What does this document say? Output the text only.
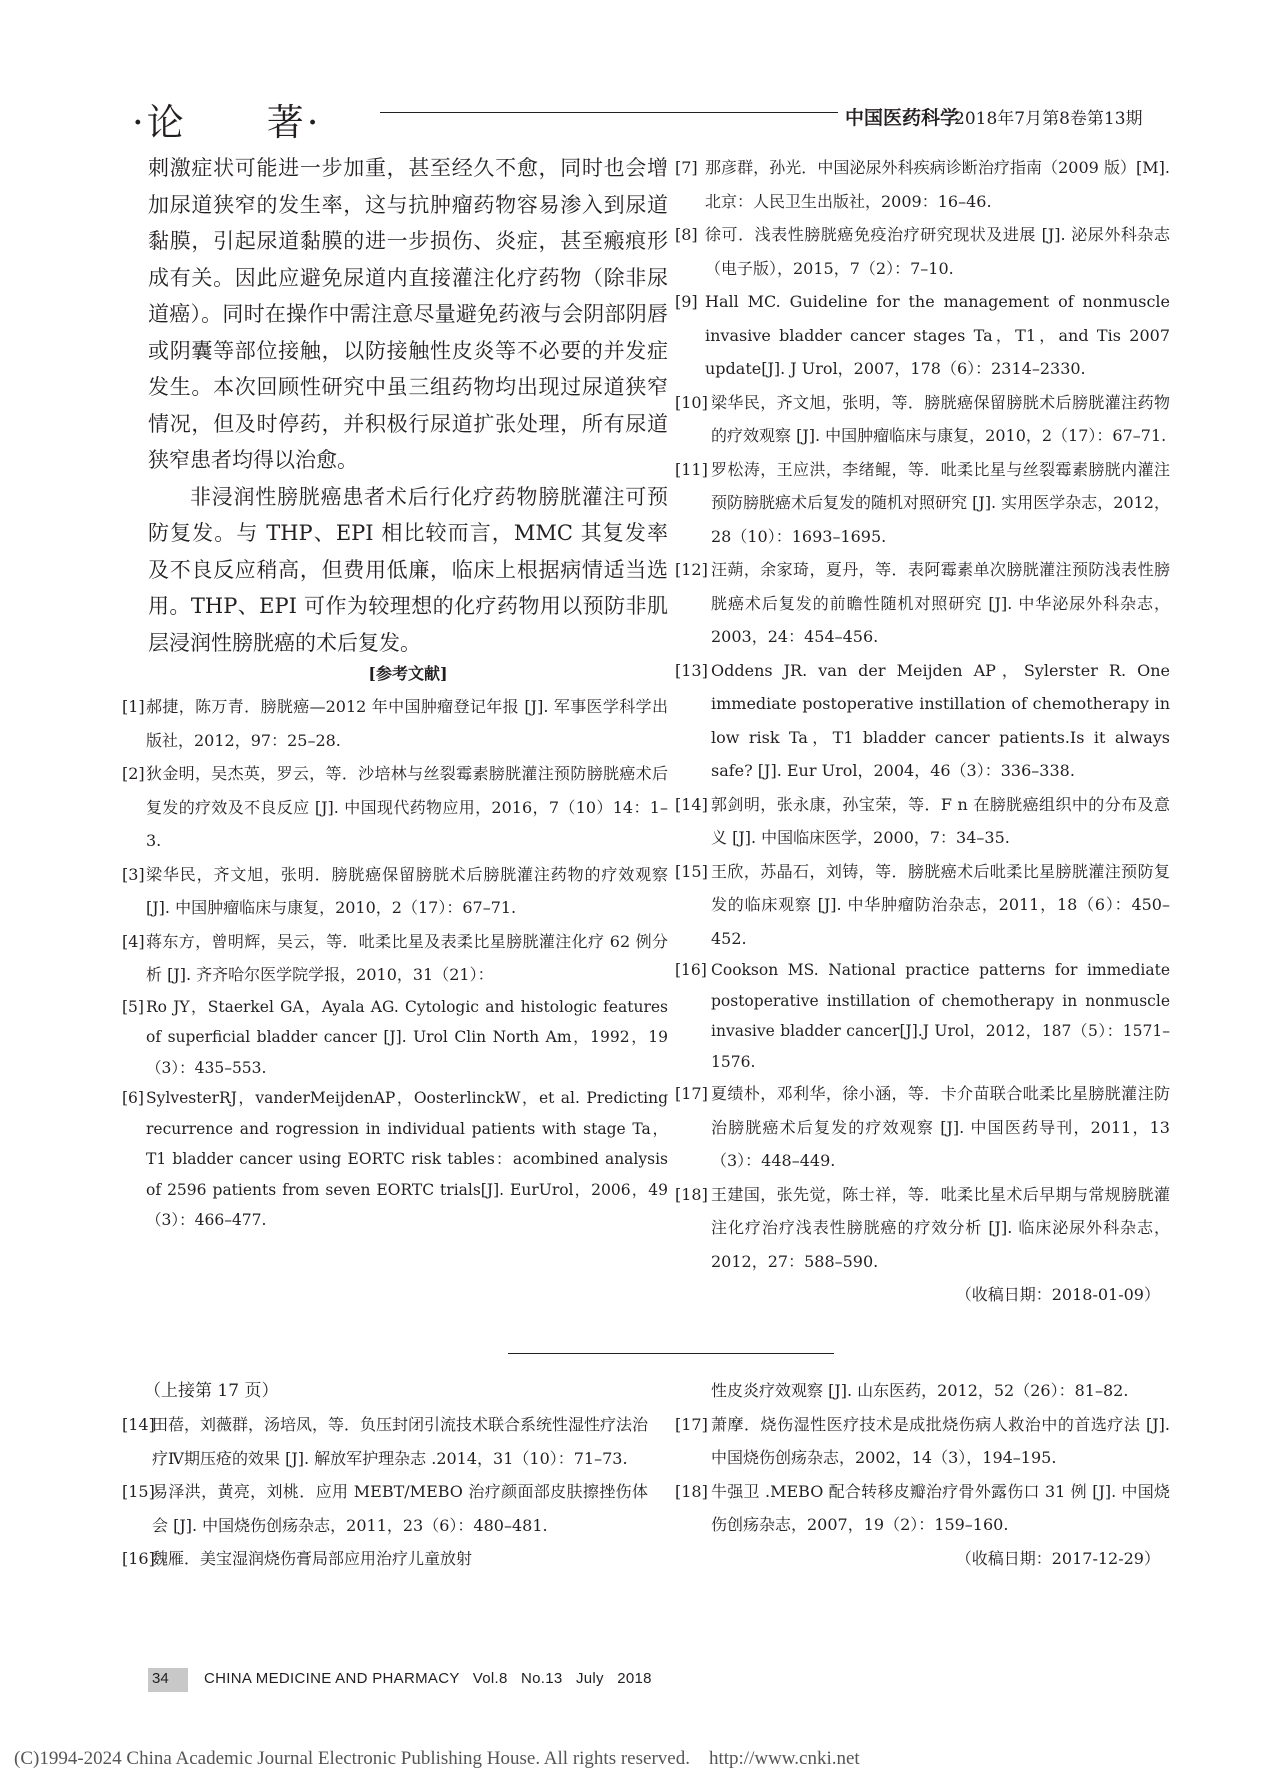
·论　　著·	中国医药科学
2018年7月第8卷第13期

刺激症状可能进一步加重，甚至经久不愈，同时也会增加尿道狭窄的发生率，这与抗肿瘤药物容易渗入到尿道黏膜，引起尿道黏膜的进一步损伤、炎症，甚至瘢痕形成有关。因此应避免尿道内直接灌注化疗药物（除非尿道癌）。同时在操作中需注意尽量避免药液与会阴部阴唇或阴囊等部位接触，以防接触性皮炎等不必要的并发症发生。本次回顾性研究中虽三组药物均出现过尿道狭窄情况，但及时停药，并积极行尿道扩张处理，所有尿道狭窄患者均得以治愈。

非浸润性膀胱癌患者术后行化疗药物膀胱灌注可预防复发。与 THP、EPI 相比较而言，MMC 其复发率及不良反应稍高，但费用低廉，临床上根据病情适当选用。THP、EPI 可作为较理想的化疗药物用以预防非肌层浸润性膀胱癌的术后复发。

[参考文献]
[1] 郝捷，陈万青．膀胱癌—2012 年中国肿瘤登记年报 [J]. 军事医学科学出版社，2012，97：25–28.
[2] 狄金明，吴杰英，罗云，等．沙培林与丝裂霉素膀胱灌注预防膀胱癌术后复发的疗效及不良反应 [J]. 中国现代药物应用，2016，7（10）14：1–3.
[3] 梁华民，齐文旭，张明．膀胱癌保留膀胱术后膀胱灌注药物的疗效观察 [J]. 中国肿瘤临床与康复，2010，2（17）：67–71.
[4] 蒋东方，曾明辉，吴云，等．吡柔比星及表柔比星膀胱灌注化疗 62 例分析 [J]. 齐齐哈尔医学院学报，2010，31（21）：
[5] Ro JY，Staerkel GA，Ayala AG. Cytologic and histologic features of superficial bladder cancer [J]. Urol Clin North Am，1992，19（3）：435–553.
[6] SylvesterRJ，vanderMeijdenAP，OosterlinckW，et al. Predicting recurrence and rogression in individual patients with stage Ta，T1 bladder cancer using EORTC risk tables：acombined analysis of 2596 patients from seven EORTC trials[J]. EurUrol，2006，49（3）：466–477.
[7] 那彦群，孙光．中国泌尿外科疾病诊断治疗指南（2009 版）[M]. 北京：人民卫生出版社，2009：16–46.
[8] 徐可．浅表性膀胱癌免疫治疗研究现状及进展 [J]. 泌尿外科杂志（电子版），2015，7（2）：7–10.
[9] Hall MC. Guideline for the management of nonmuscle invasive bladder cancer stages Ta，T1，and Tis 2007 update[J]. J Urol，2007，178（6）：2314–2330.
[10] 梁华民，齐文旭，张明，等．膀胱癌保留膀胱术后膀胱灌注药物的疗效观察 [J]. 中国肿瘤临床与康复，2010，2（17）：67–71.
[11] 罗松涛，王应洪，李绪鲲，等．吡柔比星与丝裂霉素膀胱内灌注预防膀胱癌术后复发的随机对照研究 [J]. 实用医学杂志，2012，28（10）：1693–1695.
[12] 汪蒴，余家琦，夏丹，等．表阿霉素单次膀胱灌注预防浅表性膀胱癌术后复发的前瞻性随机对照研究 [J]. 中华泌尿外科杂志，2003，24：454–456.
[13] Oddens JR. van der Meijden AP，Sylerster R. One immediate postoperative instillation of chemotherapy in low risk Ta，T1 bladder cancer patients.Is it always safe? [J]. Eur Urol，2004，46（3）：336–338.
[14] 郭剑明，张永康，孙宝荣，等．F n 在膀胱癌组织中的分布及意义 [J]. 中国临床医学，2000，7：34–35.
[15] 王欣，苏晶石，刘铸，等．膀胱癌术后吡柔比星膀胱灌注预防复发的临床观察 [J]. 中华肿瘤防治杂志，2011，18（6）：450–452.
[16] Cookson MS. National practice patterns for immediate postoperative instillation of chemotherapy in nonmuscle invasive bladder cancer[J].J Urol，2012，187（5）：1571–1576.
[17] 夏绩朴，邓利华，徐小涵，等．卡介苗联合吡柔比星膀胱灌注防治膀胱癌术后复发的疗效观察 [J]. 中国医药导刊，2011，13（3）：448–449.
[18] 王建国，张先觉，陈士祥，等．吡柔比星术后早期与常规膀胱灌注化疗治疗浅表性膀胱癌的疗效分析 [J]. 临床泌尿外科杂志，2012，27：588–590.
（收稿日期：2018-01-09）
（上接第 17 页）
[14]
田蓓，刘薇群，汤培凤，等．负压封闭引流技术联合系统性湿性疗法治疗Ⅳ期压疮的效果 [J]. 解放军护理杂志 .2014，31（10）：71–73.
[15]
易泽洪，黄亮，刘桃．应用 MEBT/MEBO 治疗颜面部皮肤擦挫伤体会 [J]. 中国烧伤创疡杂志，2011，23（6）：480–481.
[16]
魏雁．美宝湿润烧伤膏局部应用治疗儿童放射
性皮炎疗效观察 [J]. 山东医药，2012，52（26）：81–82.
[17] 萧摩．烧伤湿性医疗技术是成批烧伤病人救治中的首选疗法 [J]. 中国烧伤创疡杂志，2002，14（3），194–195.
[18] 牛强卫 .MEBO 配合转移皮瓣治疗骨外露伤口 31 例 [J]. 中国烧伤创疡杂志，2007，19（2）：159–160.
（收稿日期：2017-12-29）
34 CHINA MEDICINE AND PHARMACY   Vol.8   No.13   July   2018
(C)1994-2024 China Academic Journal Electronic Publishing House. All rights reserved.    http://www.cnki.net
